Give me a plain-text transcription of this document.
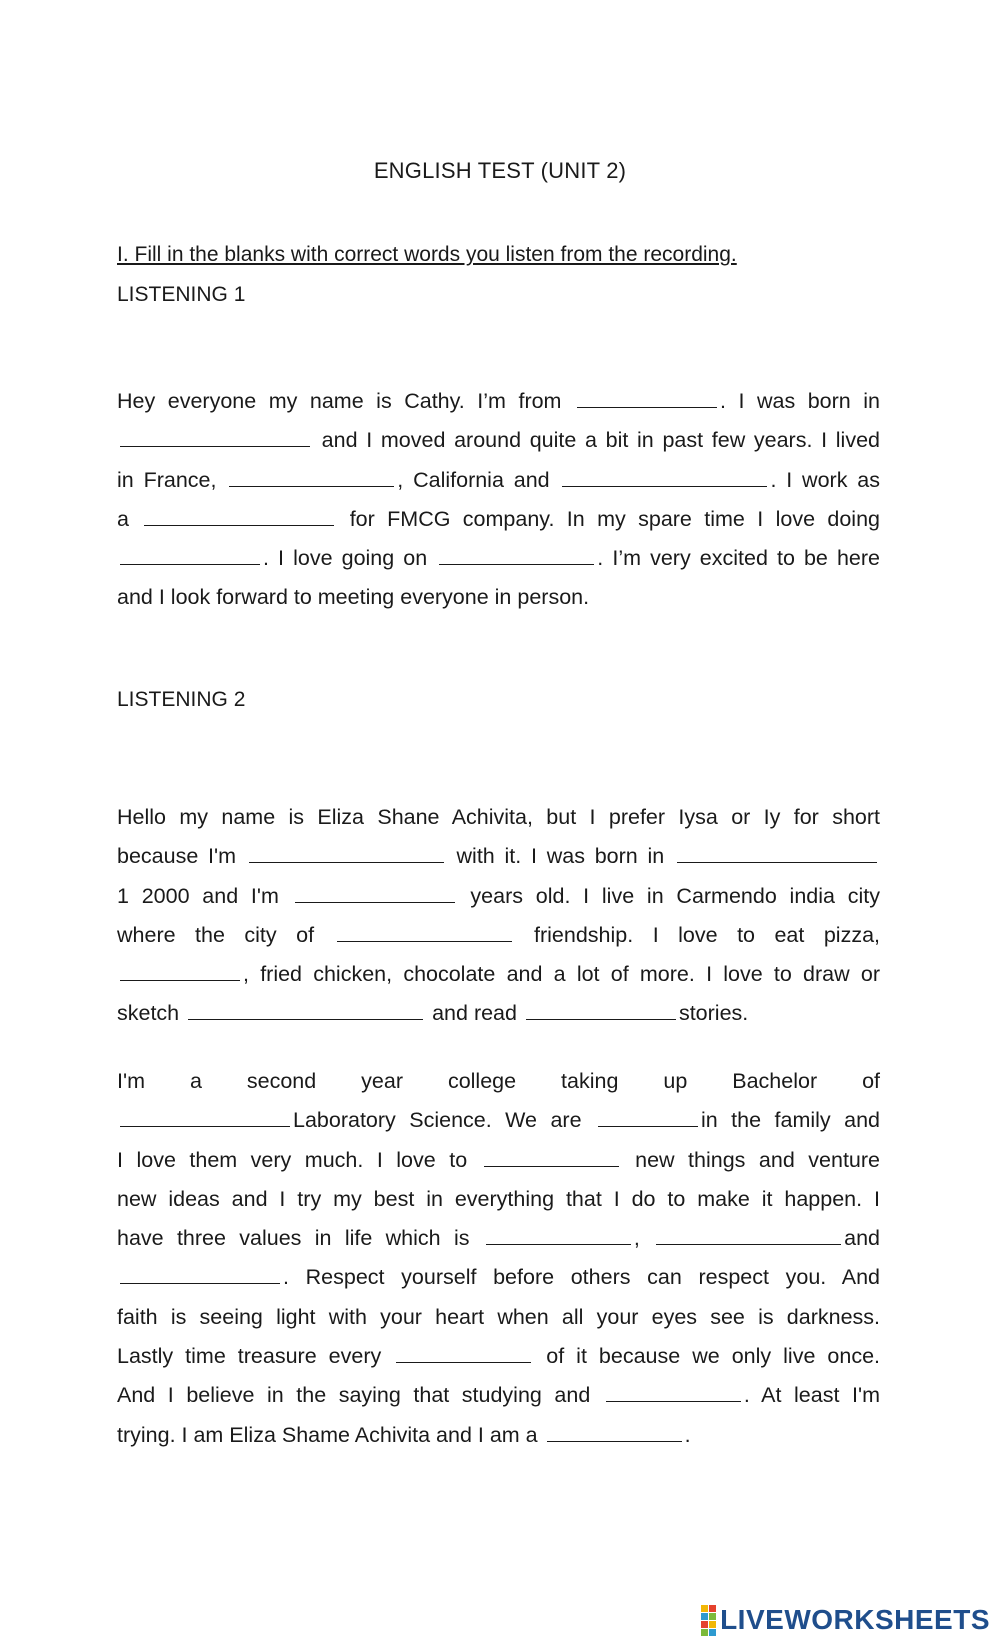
ENGLISH TEST (UNIT 2)
I. Fill in the blanks with correct words you listen from the recording.
LISTENING 1
Hey everyone my name is Cathy. I’m from	. I was born in
and I moved around quite a bit in past few years. I lived
in France,	, California and	. I work as
a	for FMCG company. In my spare time I love doing
. I love going on	. I’m very excited to be here
and I look forward to meeting everyone in person.
LISTENING 2
Hello my name is Eliza Shane Achivita, but I prefer Iysa or Iy for short
because I'm	with it. I was born in
1 2000 and I'm	years old. I live in Carmendo india city
where the city of	friendship. I love to eat pizza,
, fried chicken, chocolate and a lot of more. I love to draw or
sketch	and read	stories.
I'm a second year college taking up Bachelor of
Laboratory Science. We are	in the family and
I love them very much. I love to	new things and venture
new ideas and I try my best in everything that I do to make it happen. I
have three values in life which is	,	and
. Respect yourself before others can respect you. And
faith is seeing light with your heart when all your eyes see is darkness.
Lastly time treasure every	of it because we only live once.
And I believe in the saying that studying and	. At least I'm
trying. I am Eliza Shame Achivita and I am a	.
LIVEWORKSHEETS
